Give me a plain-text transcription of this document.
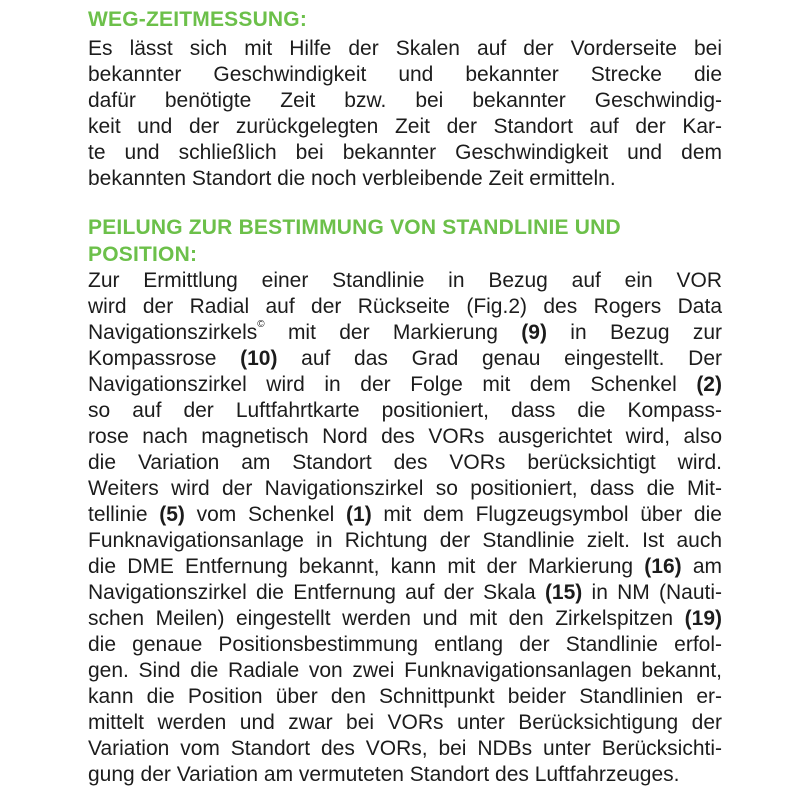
WEG-ZEITMESSUNG:
Es lässt sich mit Hilfe der Skalen auf der Vorderseite bei
bekannter Geschwindigkeit und bekannter Strecke die
dafür benötigte Zeit bzw. bei bekannter Geschwindig-
keit und der zurückgelegten Zeit der Standort auf der Kar-
te und schließlich bei bekannter Geschwindigkeit und dem
bekannten Standort die noch verbleibende Zeit ermitteln.
PEILUNG ZUR BESTIMMUNG VON STANDLINIE UND
POSITION:
Zur Ermittlung einer Standlinie in Bezug auf ein VOR
wird der Radial auf der Rückseite (Fig.2) des Rogers Data
Navigationszirkels© mit der Markierung (9) in Bezug zur
Kompassrose (10) auf das Grad genau eingestellt. Der
Navigationszirkel wird in der Folge mit dem Schenkel (2)
so auf der Luftfahrtkarte positioniert, dass die Kompass-
rose nach magnetisch Nord des VORs ausgerichtet wird, also
die Variation am Standort des VORs berücksichtigt wird.
Weiters wird der Navigationszirkel so positioniert, dass die Mit-
tellinie (5) vom Schenkel (1) mit dem Flugzeugsymbol über die
Funknavigationsanlage in Richtung der Standlinie zielt. Ist auch
die DME Entfernung bekannt, kann mit der Markierung (16) am
Navigationszirkel die Entfernung auf der Skala (15) in NM (Nauti-
schen Meilen) eingestellt werden und mit den Zirkelspitzen (19)
die genaue Positionsbestimmung entlang der Standlinie erfol-
gen. Sind die Radiale von zwei Funknavigationsanlagen bekannt,
kann die Position über den Schnittpunkt beider Standlinien er-
mittelt werden und zwar bei VORs unter Berücksichtigung der
Variation vom Standort des VORs, bei NDBs unter Berücksichti-
gung der Variation am vermuteten Standort des Luftfahrzeuges.
